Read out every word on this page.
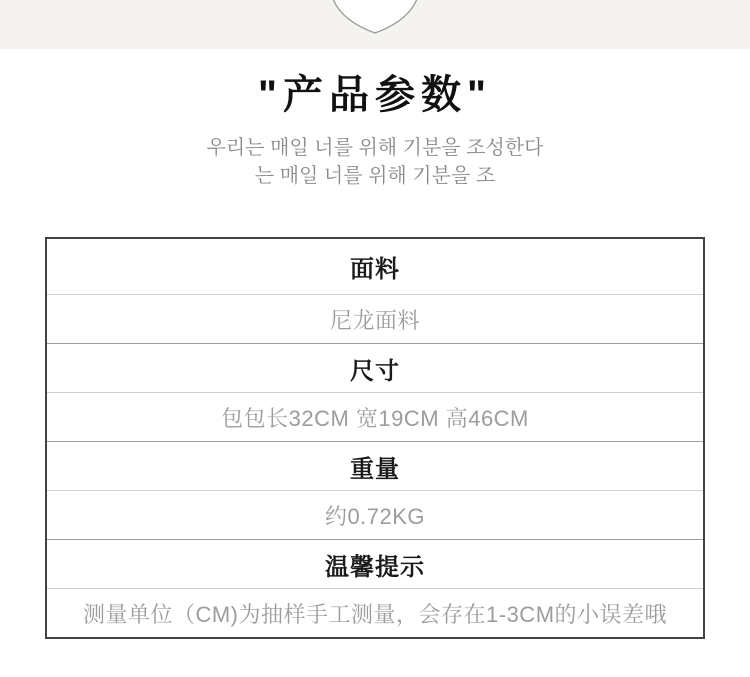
"产品参数"
우리는 매일 너를 위해 기분을 조성한다
는 매일 너를 위해 기분을 조
面料
尼龙面料
尺寸
包包长32CM 宽19CM 高46CM
重量
约0.72KG
温馨提示
测量单位（CM)为抽样手工测量，会存在1-3CM的小误差哦
